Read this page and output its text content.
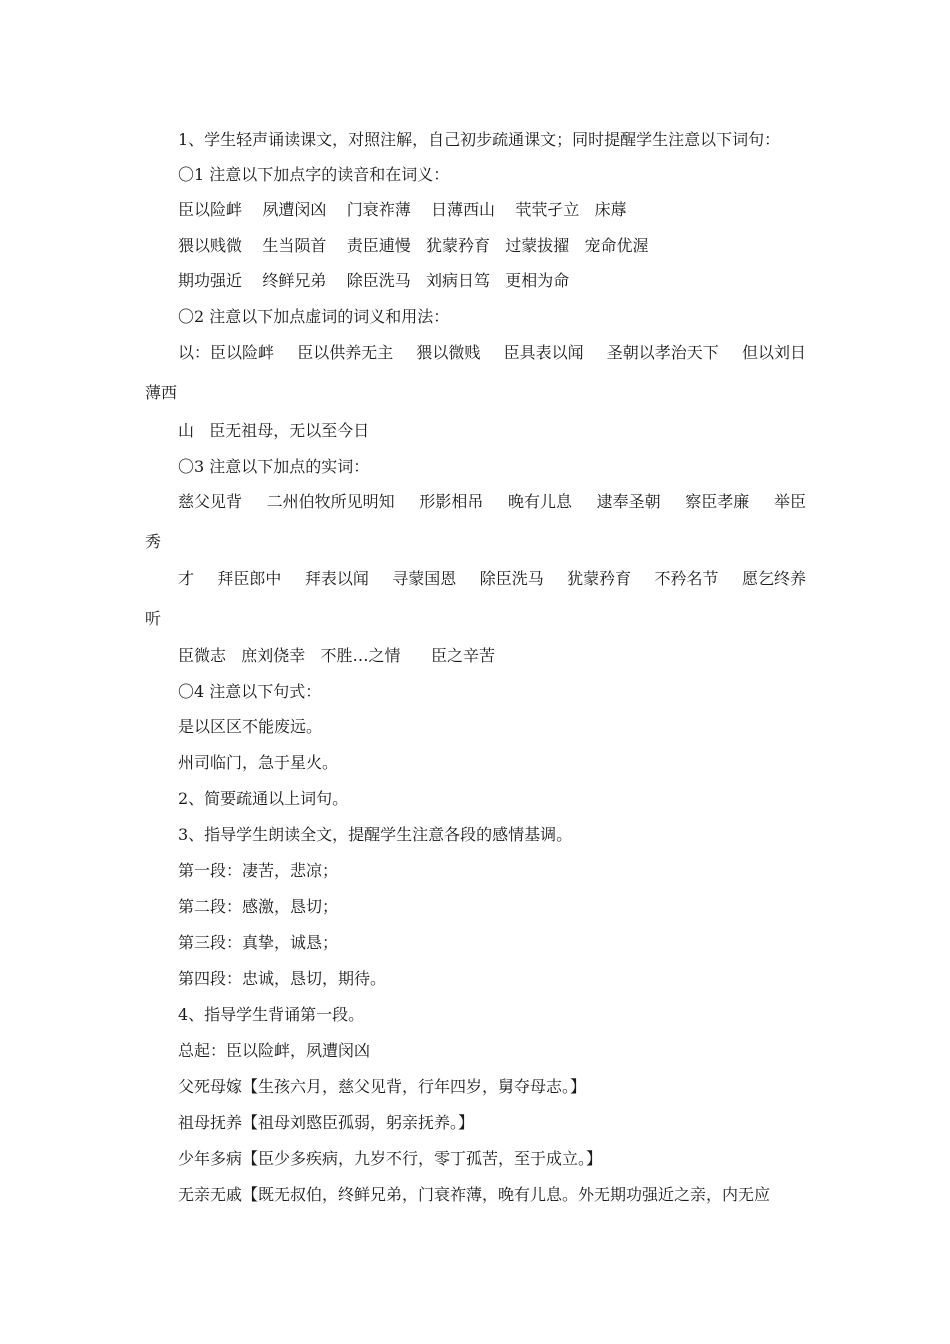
1、学生轻声诵读课文，对照注解，自己初步疏通课文；同时提醒学生注意以下词句：
〇1 注意以下加点字的读音和在词义：
臣以险衅    夙遭闵凶    门衰祚薄    日薄西山    茕茕孑立   床蓐
猥以贱微    生当陨首    责臣逋慢   犹蒙矜育   过蒙拔擢   宠命优渥
期功强近    终鲜兄弟    除臣洗马   刘病日笃   更相为命
〇2 注意以下加点虚词的词义和用法：
以：臣以险衅 臣以供养无主 猥以微贱 臣具表以闻 圣朝以孝治天下 但以刘日
薄西
山   臣无祖母，无以至今日
〇3 注意以下加点的实词：
慈父见背 二州伯牧所见明知 形影相吊 晚有儿息 逮奉圣朝 察臣孝廉 举臣
秀
才 拜臣郎中 拜表以闻 寻蒙国恩 除臣洗马 犹蒙矜育 不矜名节 愿乞终养
听
臣微志   庶刘侥幸   不胜…之情      臣之辛苦
〇4 注意以下句式：
是以区区不能废远。
州司临门，急于星火。
2、简要疏通以上词句。
3、指导学生朗读全文，提醒学生注意各段的感情基调。
第一段：凄苦，悲凉；
第二段：感激，恳切；
第三段：真挚，诚恳；
第四段：忠诚，恳切，期待。
4、指导学生背诵第一段。
总起：臣以险衅，夙遭闵凶
父死母嫁【生孩六月，慈父见背，行年四岁，舅夺母志。】
祖母抚养【祖母刘愍臣孤弱，躬亲抚养。】
少年多病【臣少多疾病，九岁不行，零丁孤苦，至于成立。】
无亲无戚【既无叔伯，终鲜兄弟，门衰祚薄，晚有儿息。外无期功强近之亲，内无应
